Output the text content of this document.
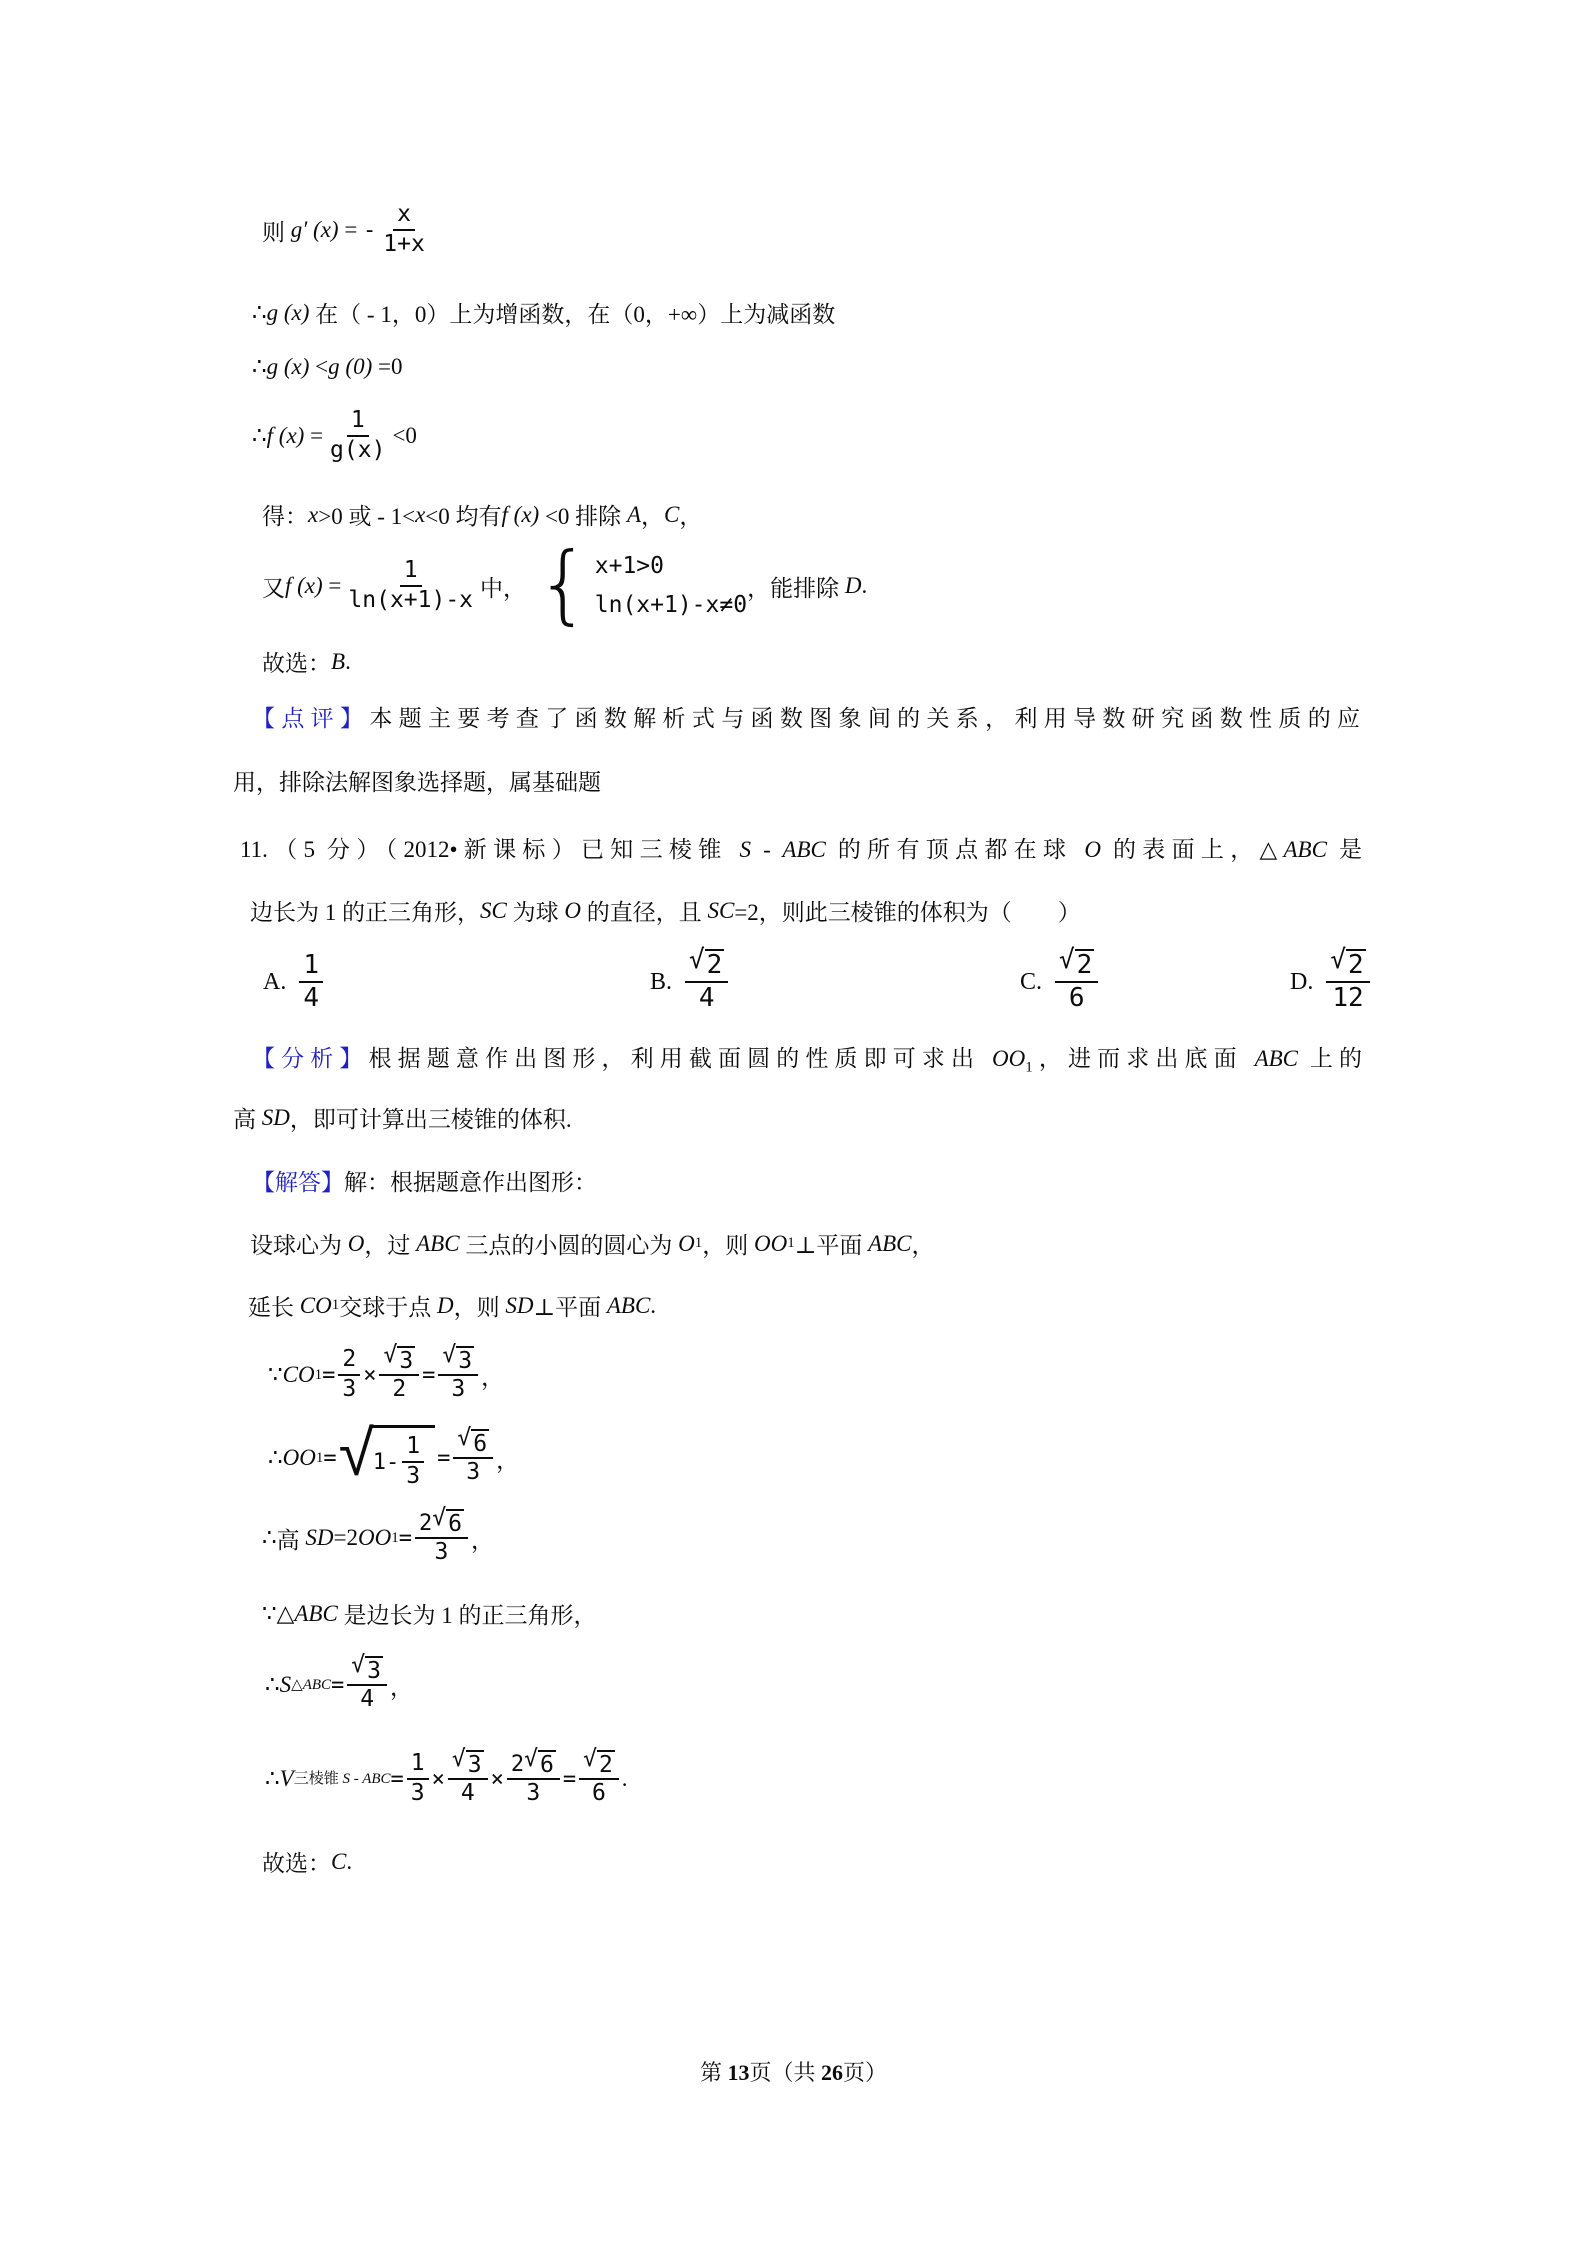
则 g′ (x) = - $\frac{x}{1+x}$
∴ g (x) 在（ - 1，0）上为增函数，在（0，+∞）上为减函数
∴ g (x) < g (0) =0
∴ f $(x) = \frac{1}{g(x)} <0$
得： x >0 或 - 1< x <0 均有 f (x) <0 排除 A ， C ，
又 f $(x) = \frac{1}{\ln(x+1)-x}$ 中， { x+1>0
ln(x+1)-x≠0
，能排除 D .
故选： B .
【点评】本题主要考查了函数解析式与函数图象间的关系，利用导数研究函数性质的应
用，排除法解图象选择题，属基础题
11.（5 分）（2012•新课标）已知三棱锥 S - ABC 的所有顶点都在球 O 的表面上，△ABC 是
边长为 1 的正三角形， SC 为球 O 的直径，且 SC =2，则此三棱锥的体积为（　　）
A. $\frac{1}{4}$	B. $\frac{√ 2}{4}$	C. $\frac{√ 2}{6}$	D. $\frac{√ 2}{12}$
【分析】根据题意作出图形，利用截面圆的性质即可求出 $OO_1$，进而求出底面 ABC 上的
高 SD ，即可计算出三棱锥的体积.
【解答】 解：根据题意作出图形：
设球心为 O ，过 ABC 三点的小圆的圆心为 O 1 ，则 OO 1 ⊥平面 ABC ，
延长 CO 1 交球于点 D ，则 SD ⊥平面 ABC .
∵ CO $1 = \frac{2}{3} \times \frac{√ 3}{2} = \frac{√ 3}{3}$ ，
∴ OO 1 = √ $1 - \frac{1}{3} = \frac{√ 6}{3}$ ，
∴ 高 SD =2 OO $1 = \frac{2 √ 6}{3}$ ，
∵ △ ABC 是边长为 1 的正三角形，
∴ S △ABC = $\frac{√ 3}{4}$ ，
∴ V 三棱锥 S - ABC = $\frac{1}{3} \times \frac{√ 3}{4} \times \frac{2 √ 6}{3} = \frac{√ 2}{6}$ .
故选： C .
第 13页（共 26页）
